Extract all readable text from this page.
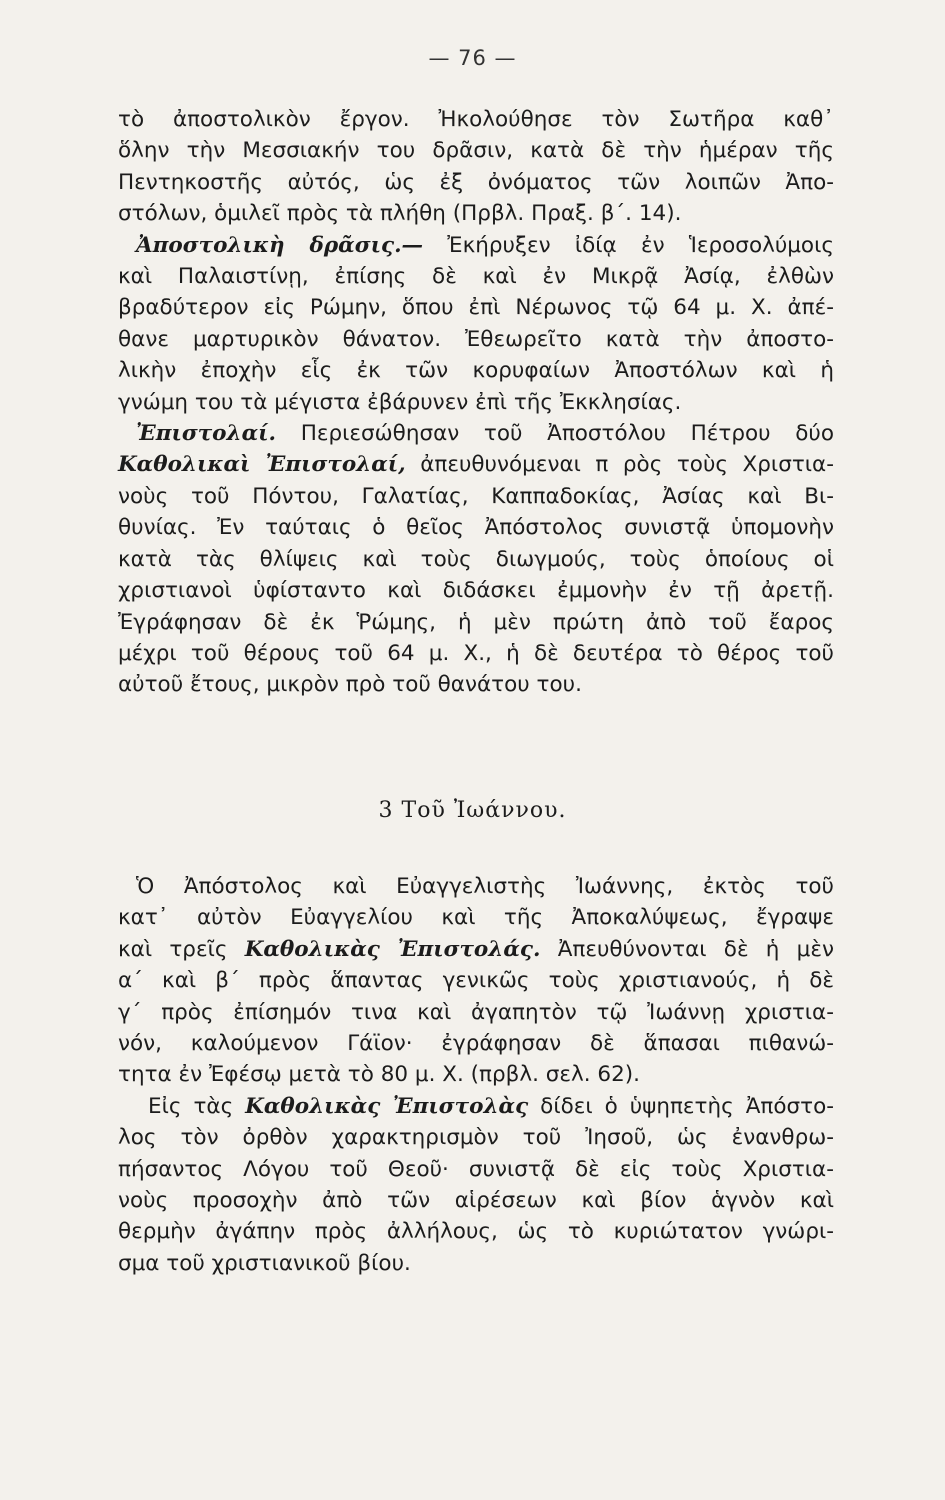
— 76 —
τὸ ἀποστολικὸν ἔργον. Ἠκολούθησε τὸν Σωτῆρα καθ᾽
ὅλην τὴν Μεσσιακήν του δρᾶσιν, κατὰ δὲ τὴν ἡμέραν τῆς
Πεντηκοστῆς αὐτός, ὡς ἐξ ὀνόματος τῶν λοιπῶν Ἀπο-
στόλων, ὁμιλεῖ πρὸς τὰ πλήθη (Πρβλ. Πραξ. β΄. 14).
Ἀποστολικὴ δρᾶσις.— Ἐκήρυξεν ἰδίᾳ ἐν Ἱεροσολύμοις
καὶ Παλαιστίνῃ, ἐπίσης δὲ καὶ ἐν Μικρᾷ Ἀσίᾳ, ἐλθὼν
βραδύτερον εἰς Ρώμην, ὅπου ἐπὶ Νέρωνος τῷ 64 μ. Χ. ἀπέ-
θανε μαρτυρικὸν θάνατον. Ἐθεωρεῖτο κατὰ τὴν ἀποστο-
λικὴν ἐποχὴν εἷς ἐκ τῶν κορυφαίων Ἀποστόλων καὶ ἡ
γνώμη του τὰ μέγιστα ἐβάρυνεν ἐπὶ τῆς Ἐκκλησίας.
Ἐπιστολαί. Περιεσώθησαν τοῦ Ἀποστόλου Πέτρου δύο
Καθολικαὶ Ἐπιστολαί, ἀπευθυνόμεναι π ρὸς τοὺς Χριστια-
νοὺς τοῦ Πόντου, Γαλατίας, Καππαδοκίας, Ἀσίας καὶ Βι-
θυνίας. Ἐν ταύταις ὁ θεῖος Ἀπόστολος συνιστᾷ ὑπομονὴν
κατὰ τὰς θλίψεις καὶ τοὺς διωγμούς, τοὺς ὁποίους οἱ
χριστιανοὶ ὑφίσταντο καὶ διδάσκει ἐμμονὴν ἐν τῇ ἀρετῇ.
Ἐγράφησαν δὲ ἐκ Ῥώμης, ἡ μὲν πρώτη ἀπὸ τοῦ ἔαρος
μέχρι τοῦ θέρους τοῦ 64 μ. Χ., ἡ δὲ δευτέρα τὸ θέρος τοῦ
αὐτοῦ ἔτους, μικρὸν πρὸ τοῦ θανάτου του.
3 Τοῦ Ἰωάννου.
Ὁ Ἀπόστολος καὶ Εὐαγγελιστὴς Ἰωάννης, ἐκτὸς τοῦ
κατ᾽ αὐτὸν Εὐαγγελίου καὶ τῆς Ἀποκαλύψεως, ἔγραψε
καὶ τρεῖς Καθολικὰς Ἐπιστολάς. Ἀπευθύνονται δὲ ἡ μὲν
α΄ καὶ β΄ πρὸς ἅπαντας γενικῶς τοὺς χριστιανούς, ἡ δὲ
γ΄ πρὸς ἐπίσημόν τινα καὶ ἀγαπητὸν τῷ Ἰωάννῃ χριστια-
νόν, καλούμενον Γάϊον· ἐγράφησαν δὲ ἅπασαι πιθανώ-
τητα ἐν Ἐφέσῳ μετὰ τὸ 80 μ. Χ. (πρβλ. σελ. 62).
Εἰς τὰς Καθολικὰς Ἐπιστολὰς δίδει ὁ ὑψηπετὴς Ἀπόστο-
λος τὸν ὀρθὸν χαρακτηρισμὸν τοῦ Ἰησοῦ, ὡς ἐνανθρω-
πήσαντος Λόγου τοῦ Θεοῦ· συνιστᾷ δὲ εἰς τοὺς Χριστια-
νοὺς προσοχὴν ἀπὸ τῶν αἱρέσεων καὶ βίον ἁγνὸν καὶ
θερμὴν ἀγάπην πρὸς ἀλλήλους, ὡς τὸ κυριώτατον γνώρι-
σμα τοῦ χριστιανικοῦ βίου.
